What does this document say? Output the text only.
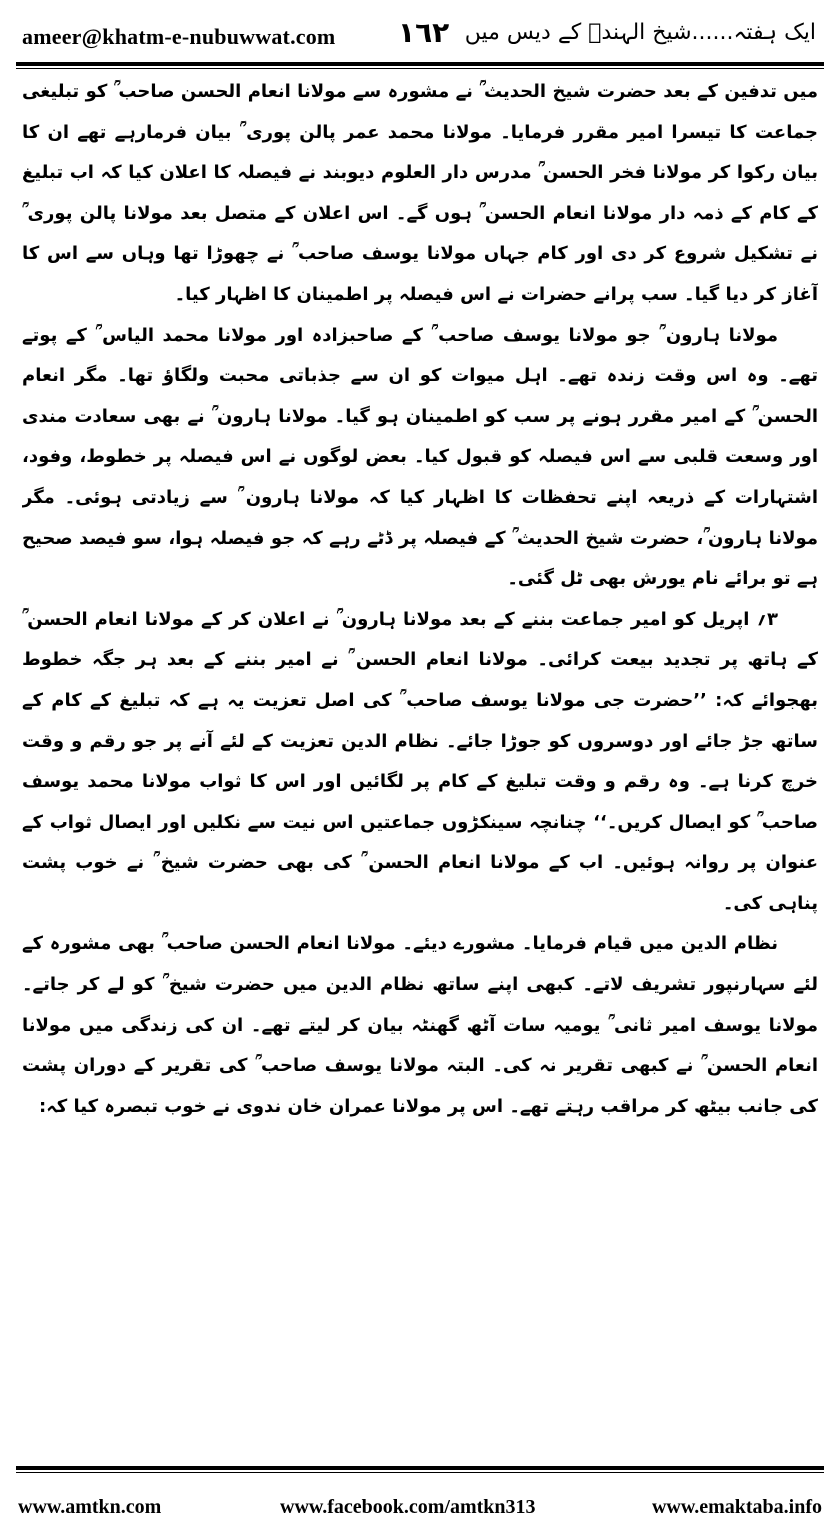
ameer@khatm-e-nubuwwat.com ١٦٢ ایک ہفتہ......شیخ الہندؒ کے دیس میں

میں تدفین کے بعد حضرت شیخ الحدیث ؒ نے مشورہ سے مولانا انعام الحسن صاحب ؒ کو تبلیغی جماعت کا تیسرا امیر مقرر فرمایا۔ مولانا محمد عمر پالن پوری ؒ بیان فرمارہے تھے ان کا بیان رکوا کر مولانا فخر الحسن ؒ مدرس دار العلوم دیوبند نے فیصلہ کا اعلان کیا کہ اب تبلیغ کے کام کے ذمہ دار مولانا انعام الحسن ؒ ہوں گے۔ اس اعلان کے متصل بعد مولانا پالن پوری ؒ نے تشکیل شروع کر دی اور کام جہاں مولانا یوسف صاحب ؒ نے چھوڑا تھا وہاں سے اس کا آغاز کر دیا گیا۔ سب پرانے حضرات نے اس فیصلہ پر اطمینان کا اظہار کیا۔

مولانا ہارون ؒ جو مولانا یوسف صاحب ؒ کے صاحبزادہ اور مولانا محمد الیاس ؒ کے پوتے تھے۔ وہ اس وقت زندہ تھے۔ اہل میوات کو ان سے جذباتی محبت ولگاؤ تھا۔ مگر انعام الحسن ؒ کے امیر مقرر ہونے پر سب کو اطمینان ہو گیا۔ مولانا ہارون ؒ نے بھی سعادت مندی اور وسعت قلبی سے اس فیصلہ کو قبول کیا۔ بعض لوگوں نے اس فیصلہ پر خطوط، وفود، اشتہارات کے ذریعہ اپنے تحفظات کا اظہار کیا کہ مولانا ہارون ؒ سے زیادتی ہوئی۔ مگر مولانا ہارون ؒ، حضرت شیخ الحدیث ؒ کے فیصلہ پر ڈٹے رہے کہ جو فیصلہ ہوا، سو فیصد صحیح ہے تو برائے نام یورش بھی ٹل گئی۔

۳؍ اپریل کو امیر جماعت بننے کے بعد مولانا ہارون ؒ نے اعلان کر کے مولانا انعام الحسن ؒ کے ہاتھ پر تجدید بیعت کرائی۔ مولانا انعام الحسن ؒ نے امیر بننے کے بعد ہر جگہ خطوط بھجوائے کہ: ’’حضرت جی مولانا یوسف صاحب ؒ کی اصل تعزیت یہ ہے کہ تبلیغ کے کام کے ساتھ جڑ جائے اور دوسروں کو جوڑا جائے۔ نظام الدین تعزیت کے لئے آنے پر جو رقم و وقت خرچ کرنا ہے۔ وہ رقم و وقت تبلیغ کے کام پر لگائیں اور اس کا ثواب مولانا محمد یوسف صاحب ؒ کو ایصال کریں۔‘‘ چنانچہ سینکڑوں جماعتیں اس نیت سے نکلیں اور ایصال ثواب کے عنوان پر روانہ ہوئیں۔ اب کے مولانا انعام الحسن ؒ کی بھی حضرت شیخ ؒ نے خوب پشت پناہی کی۔

نظام الدین میں قیام فرمایا۔ مشورے دیئے۔ مولانا انعام الحسن صاحب ؒ بھی مشورہ کے لئے سہارنپور تشریف لاتے۔ کبھی اپنے ساتھ نظام الدین میں حضرت شیخ ؒ کو لے کر جاتے۔ مولانا یوسف امیر ثانی ؒ یومیہ سات آٹھ گھنٹہ بیان کر لیتے تھے۔ ان کی زندگی میں مولانا انعام الحسن ؒ نے کبھی تقریر نہ کی۔ البتہ مولانا یوسف صاحب ؒ کی تقریر کے دوران پشت کی جانب بیٹھ کر مراقب رہتے تھے۔ اس پر مولانا عمران خان ندوی نے خوب تبصرہ کیا کہ:

www.amtkn.com	www.facebook.com/amtkn313	www.emaktaba.info
